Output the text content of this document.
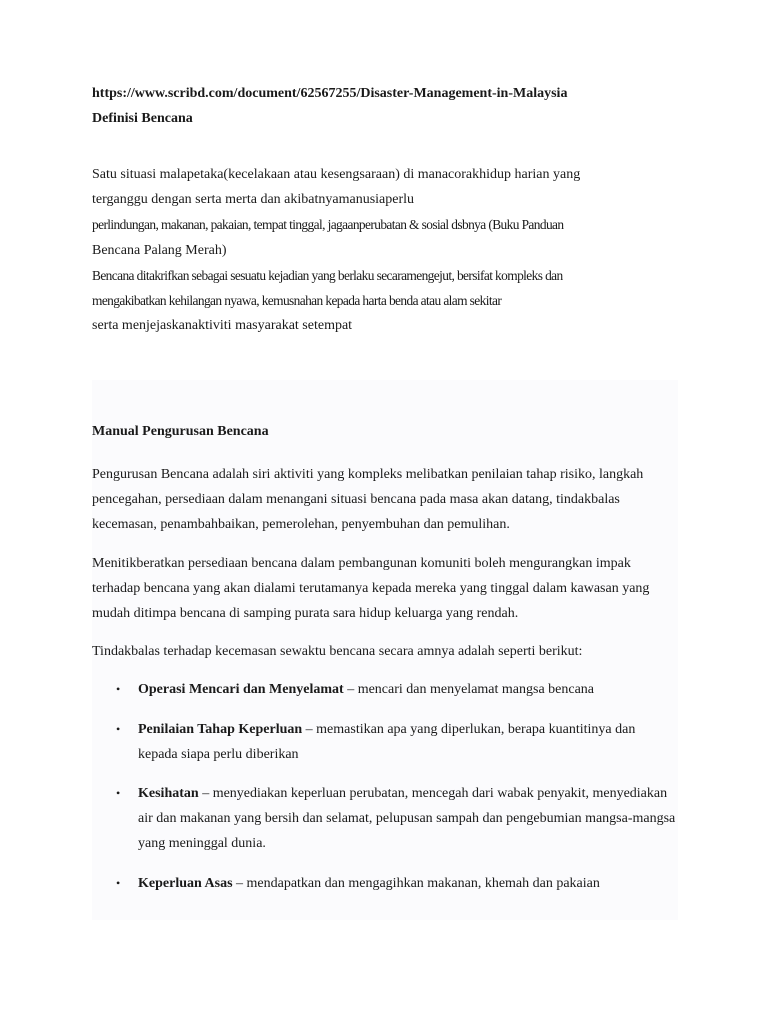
https://www.scribd.com/document/62567255/Disaster-Management-in-Malaysia
Definisi Bencana
Satu situasi malapetaka(kecelakaan atau kesengsaraan) di manacorakhidup harian yang
terganggu dengan serta merta dan akibatnyamanusiaperlu
perlindungan, makanan, pakaian, tempat tinggal, jagaanperubatan & sosial dsbnya (Buku Panduan
Bencana Palang Merah)
Bencana ditakrifkan sebagai sesuatu kejadian yang berlaku secaramengejut, bersifat kompleks dan
mengakibatkan kehilangan nyawa, kemusnahan kepada harta benda atau alam sekitar
serta menjejaskanaktiviti masyarakat setempat

Manual Pengurusan Bencana

Pengurusan Bencana adalah siri aktiviti yang kompleks melibatkan penilaian tahap risiko, langkah pencegahan, persediaan dalam menangani situasi bencana pada masa akan datang, tindakbalas kecemasan, penambahbaikan, pemerolehan, penyembuhan dan pemulihan.

Menitikberatkan persediaan bencana dalam pembangunan komuniti boleh mengurangkan impak terhadap bencana yang akan dialami terutamanya kepada mereka yang tinggal dalam kawasan yang mudah ditimpa bencana di samping purata sara hidup keluarga yang rendah.

Tindakbalas terhadap kecemasan sewaktu bencana secara amnya adalah seperti berikut:

• Operasi Mencari dan Menyelamat – mencari dan menyelamat mangsa bencana
• Penilaian Tahap Keperluan – memastikan apa yang diperlukan, berapa kuantitinya dan kepada siapa perlu diberikan
• Kesihatan – menyediakan keperluan perubatan, mencegah dari wabak penyakit, menyediakan air dan makanan yang bersih dan selamat, pelupusan sampah dan pengebumian mangsa-mangsa yang meninggal dunia.
• Keperluan Asas – mendapatkan dan mengagihkan makanan, khemah dan pakaian
